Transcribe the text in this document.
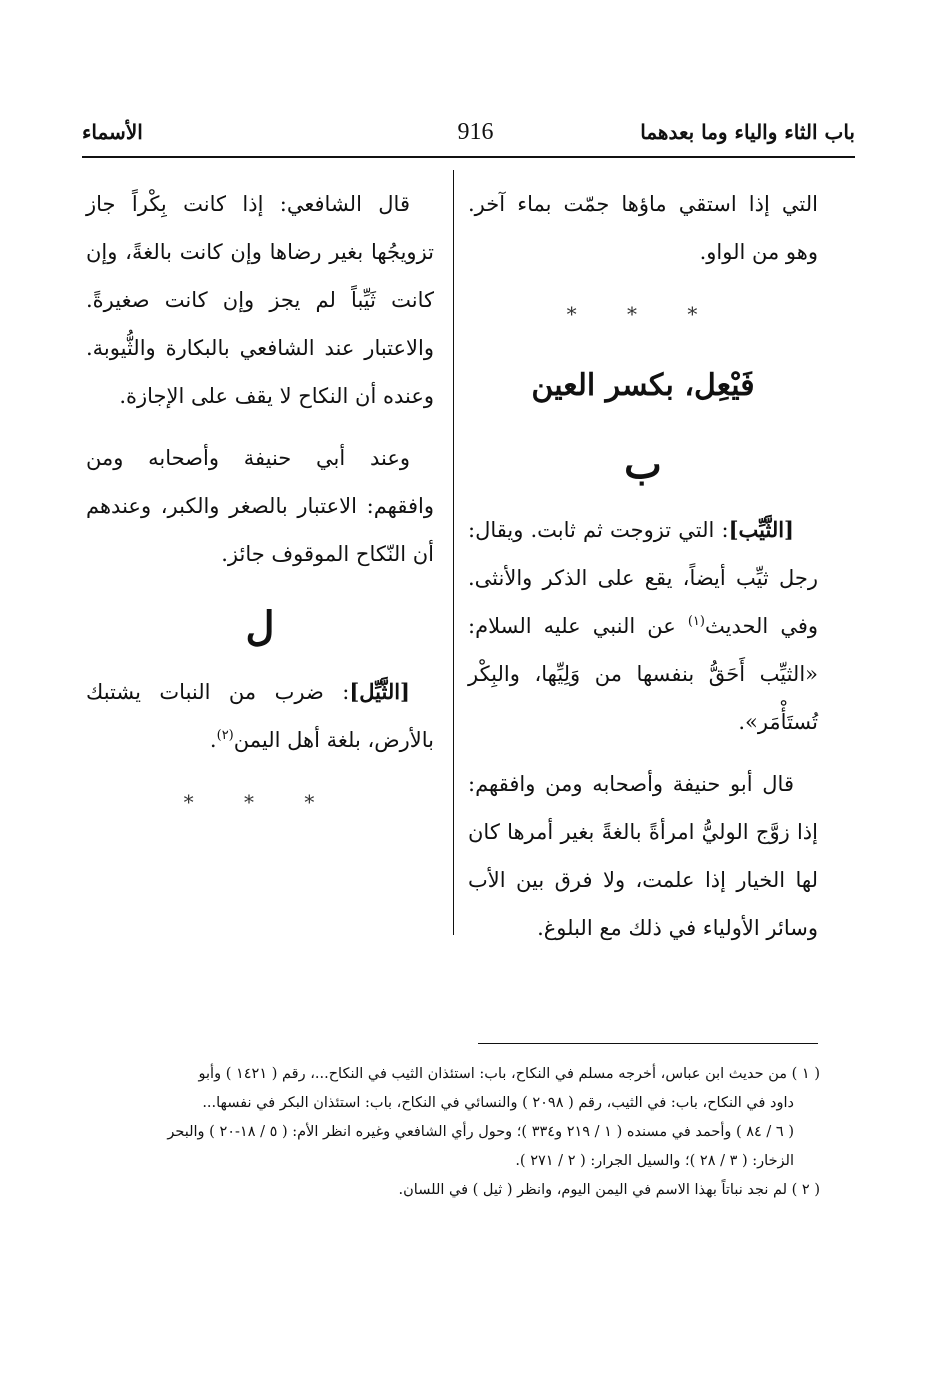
باب الثاء والياء وما بعدهما
916
الأسماء

التي إذا استقي ماؤها جمّت بماء آخر. وهو من الواو.

* * *
فَيْعِل، بكسر العين
ب

[الثَّيِّب]: التي تزوجت ثم ثابت. ويقال: رجل ثيِّب أيضاً، يقع على الذكر والأنثى. وفي الحديث$^{(١)}$ عن النبي عليه السلام: «الثيِّب أَحَقُّ بنفسها من وَلِيِّها، والبِكْر تُستَأْمَر».

قال أبو حنيفة وأصحابه ومن وافقهم: إذا زوَّج الوليُّ امرأةً بالغةً بغير أمرها كان لها الخيار إذا علمت، ولا فرق بين الأب وسائر الأولياء في ذلك مع البلوغ.

قال الشافعي: إذا كانت بِكْراً جاز تزويجُها بغير رضاها وإن كانت بالغةً، وإن كانت ثَيِّباً لم يجز وإن كانت صغيرةً. والاعتبار عند الشافعي بالبكارة والثُّيوبة. وعنده أن النكاح لا يقف على الإجازة.

وعند أبي حنيفة وأصحابه ومن وافقهم: الاعتبار بالصغر والكبر، وعندهم أن النّكاح الموقوف جائز.

ل

[الثَّيِّل]: ضرب من النبات يشتبك بالأرض، بلغة أهل اليمن$^{(٢)}$.

* * *

( ١ ) من حديث ابن عباس، أخرجه مسلم في النكاح، باب: استئذان الثيب في النكاح...، رقم ( ١٤٢١ ) وأبو

داود في النكاح، باب: في الثيب، رقم ( ٢٠٩٨ ) والنسائي في النكاح، باب: استئذان البكر في نفسها...

( ٦ / ٨٤ ) وأحمد في مسنده ( ١ / ٢١٩ و٣٣٤ )؛ وحول رأي الشافعي وغيره انظر الأم: ( ٥ / ١٨-٢٠ ) والبحر

الزخار: ( ٣ / ٢٨ )؛ والسيل الجرار: ( ٢ / ٢٧١ ).

( ٢ ) لم نجد نباتاً بهذا الاسم في اليمن اليوم، وانظر ( ثيل ) في اللسان.
